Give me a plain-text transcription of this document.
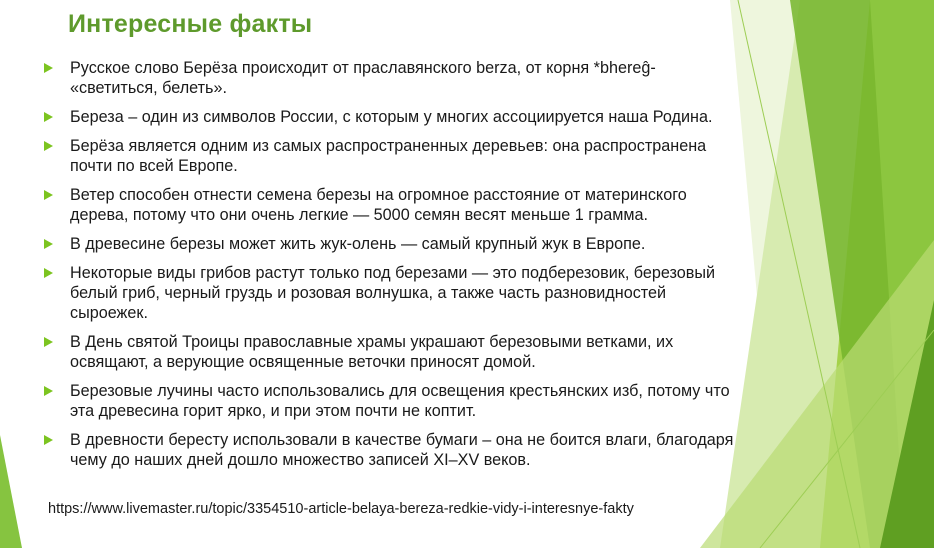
Интересные факты
Русское слово Берёза происходит от праславянского berza, от корня *bhereĝ- «светиться, белеть».
Береза – один из символов России, с которым у многих ассоциируется наша Родина.
Берёза является одним из самых распространенных деревьев: она распространена почти по всей Европе.
Ветер способен отнести семена березы на огромное расстояние от материнского дерева, потому что они очень легкие — 5000 семян весят меньше 1 грамма.
В древесине березы может жить жук-олень — самый крупный жук в Европе.
Некоторые виды грибов растут только под березами — это подберезовик, березовый белый гриб, черный груздь и розовая волнушка, а также часть разновидностей сыроежек.
В День святой Троицы православные храмы украшают березовыми ветками, их освящают, а верующие освященные веточки приносят домой.
Березовые лучины часто использовались для освещения крестьянских изб, потому что эта древесина горит ярко, и при этом почти не коптит.
В древности бересту использовали в качестве бумаги – она не боится влаги, благодаря чему до наших дней дошло множество записей XI–XV веков.
https://www.livemaster.ru/topic/3354510-article-belaya-bereza-redkie-vidy-i-interesnye-fakty
